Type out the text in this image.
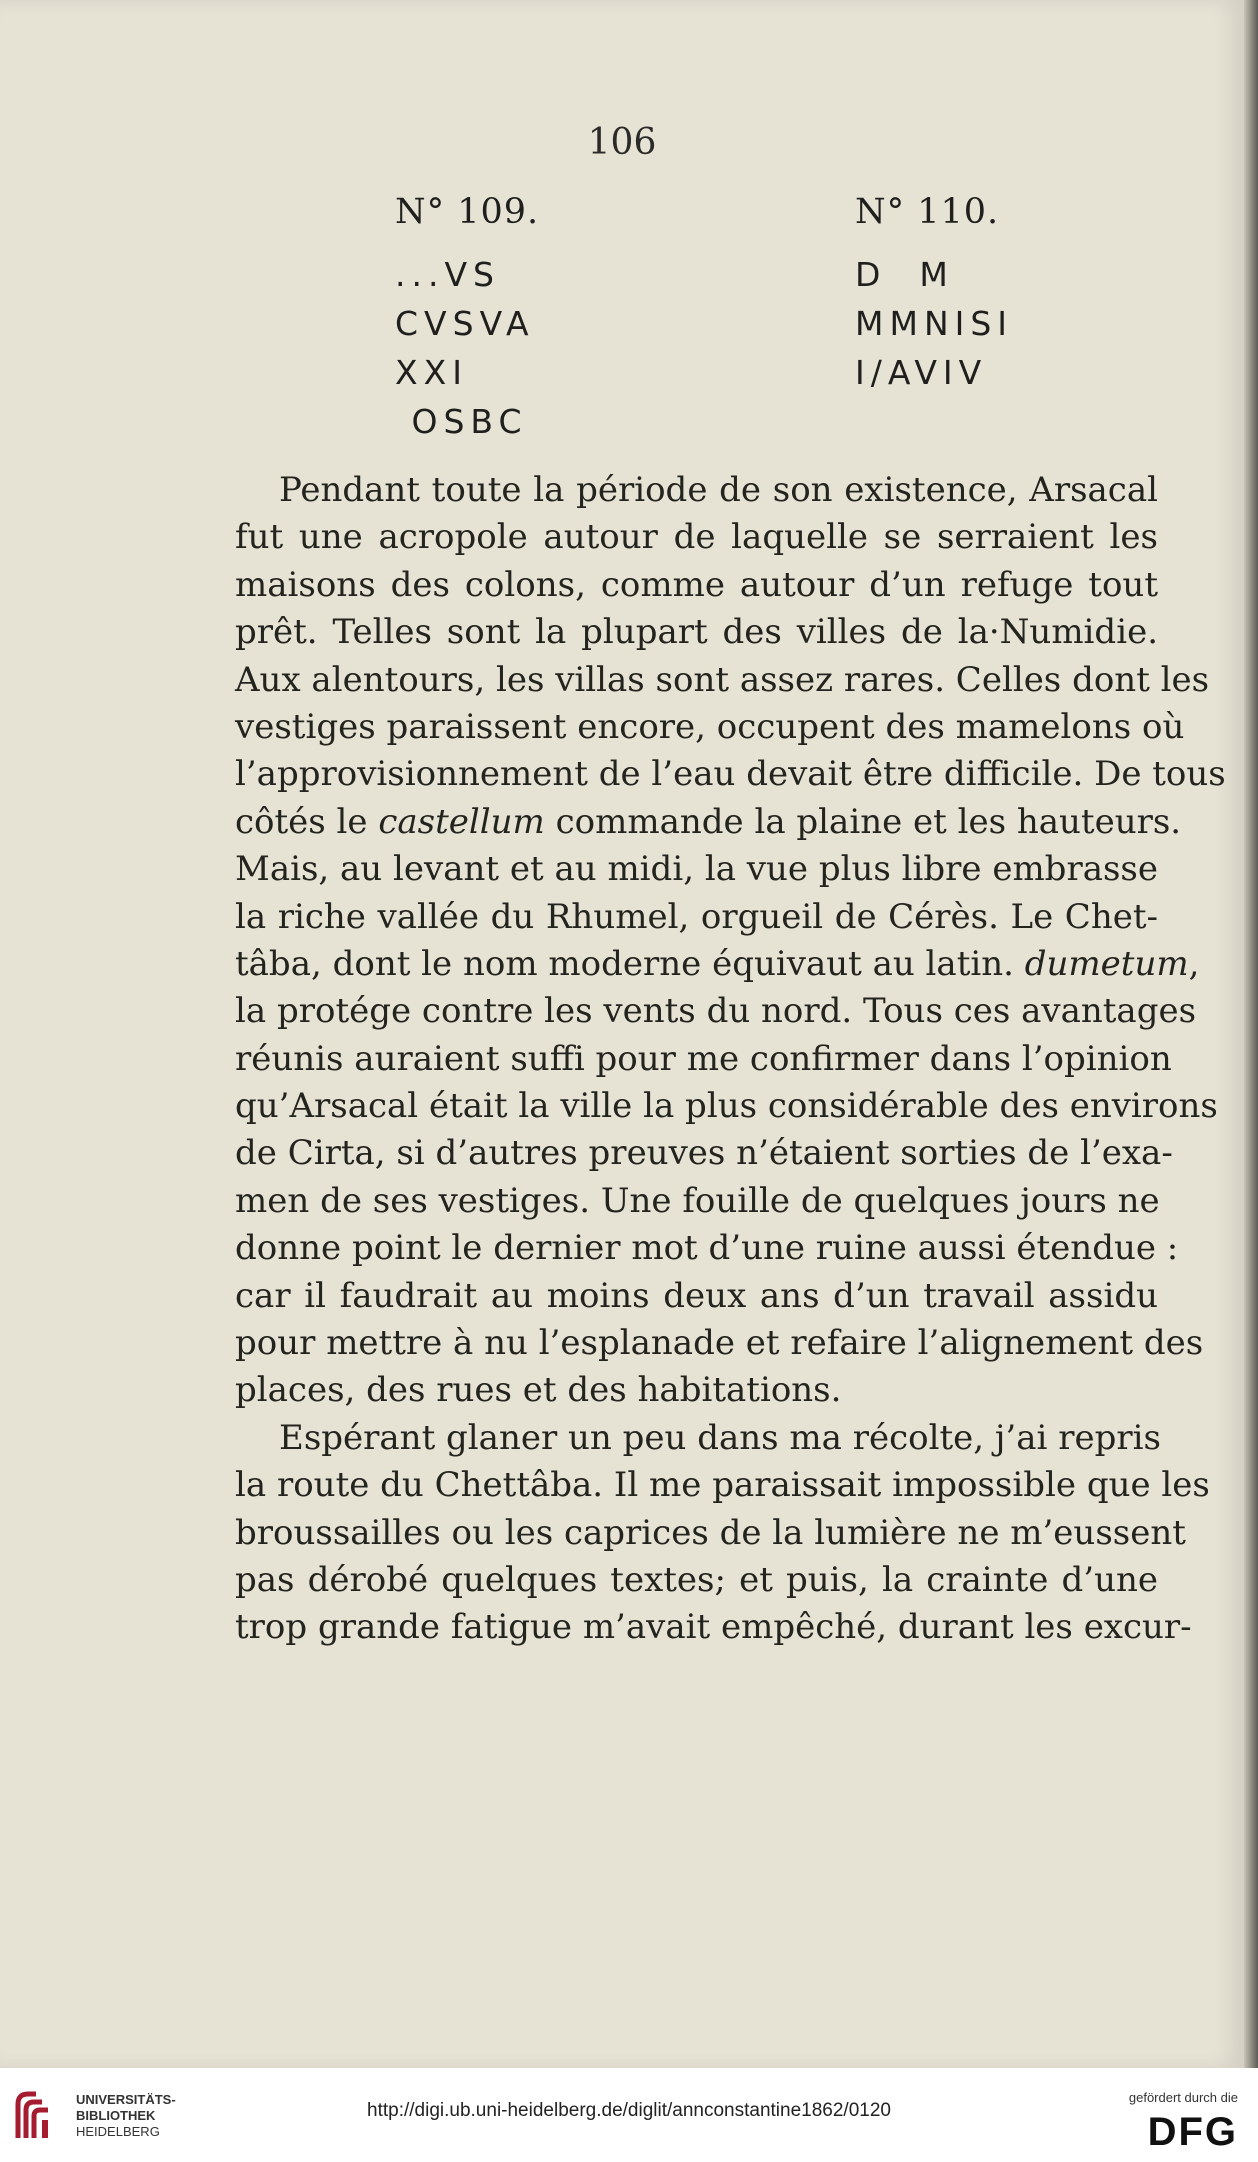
106
N° 109.
...VS
CVSVA
XXI
OSBC
N° 110.
D  M
MMNISI
I/AVIV
Pendant toute la période de son existence, Arsacal
fut une acropole autour de laquelle se serraient les
maisons des colons, comme autour d’un refuge tout
prêt. Telles sont la plupart des villes de la·Numidie.
Aux alentours, les villas sont assez rares. Celles dont les
vestiges paraissent encore, occupent des mamelons où
l’approvisionnement de l’eau devait être difficile. De tous
côtés le castellum commande la plaine et les hauteurs.
Mais, au levant et au midi, la vue plus libre embrasse
la riche vallée du Rhumel, orgueil de Cérès. Le Chet-
tâba, dont le nom moderne équivaut au latin. dumetum,
la protége contre les vents du nord. Tous ces avantages
réunis auraient suffi pour me confirmer dans l’opinion
qu’Arsacal était la ville la plus considérable des environs
de Cirta, si d’autres preuves n’étaient sorties de l’exa-
men de ses vestiges. Une fouille de quelques jours ne
donne point le dernier mot d’une ruine aussi étendue :
car il faudrait au moins deux ans d’un travail assidu
pour mettre à nu l’esplanade et refaire l’alignement des
places, des rues et des habitations.
Espérant glaner un peu dans ma récolte, j’ai repris
la route du Chettâba. Il me paraissait impossible que les
broussailles ou les caprices de la lumière ne m’eussent
pas dérobé quelques textes; et puis, la crainte d’une
trop grande fatigue m’avait empêché, durant les excur-
UNIVERSITÄTS-
BIBLIOTHEK
HEIDELBERG
http://digi.ub.uni-heidelberg.de/diglit/annconstantine1862/0120
gefördert durch die
DFG
